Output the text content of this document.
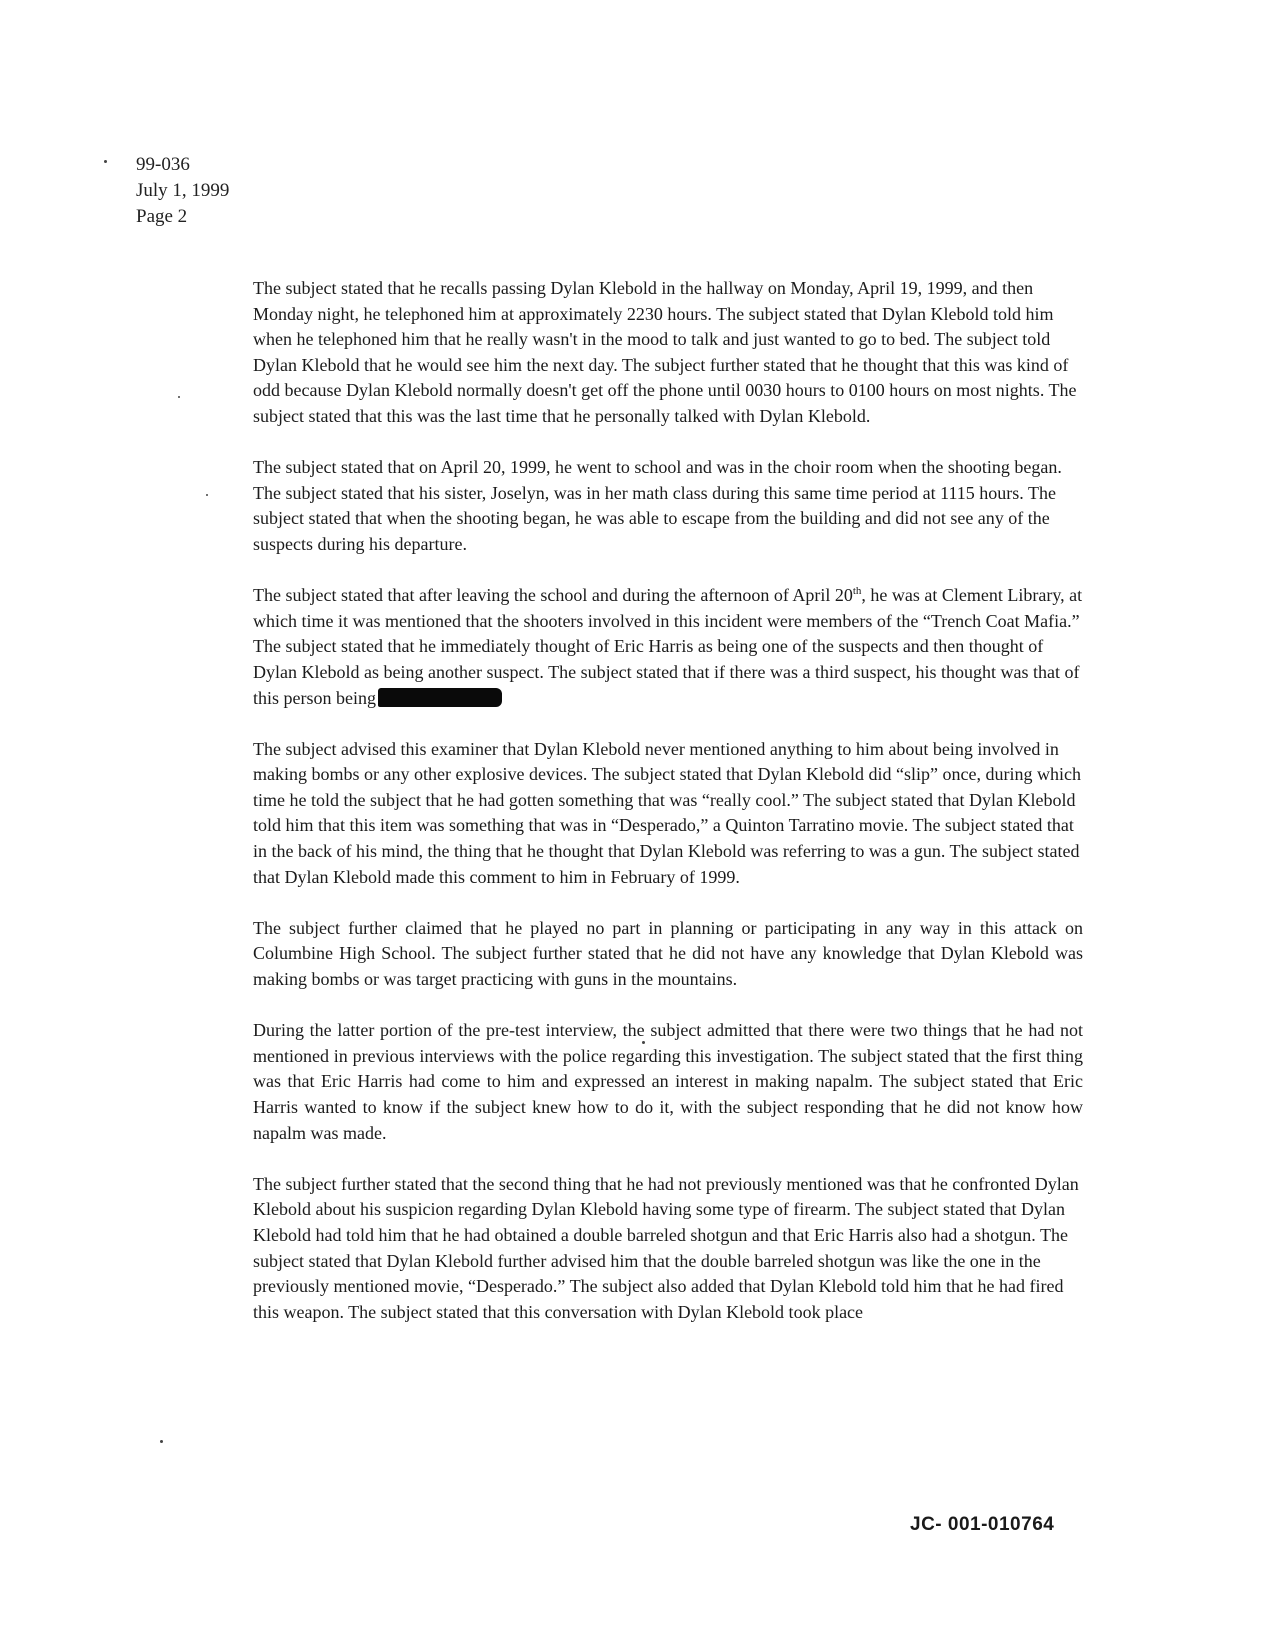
99-036
July 1, 1999
Page 2

The subject stated that he recalls passing Dylan Klebold in the hallway on Monday, April 19, 1999, and then Monday night, he telephoned him at approximately 2230 hours. The subject stated that Dylan Klebold told him when he telephoned him that he really wasn't in the mood to talk and just wanted to go to bed. The subject told Dylan Klebold that he would see him the next day. The subject further stated that he thought that this was kind of odd because Dylan Klebold normally doesn't get off the phone until 0030 hours to 0100 hours on most nights. The subject stated that this was the last time that he personally talked with Dylan Klebold.

The subject stated that on April 20, 1999, he went to school and was in the choir room when the shooting began. The subject stated that his sister, Joselyn, was in her math class during this same time period at 1115 hours. The subject stated that when the shooting began, he was able to escape from the building and did not see any of the suspects during his departure.

The subject stated that after leaving the school and during the afternoon of April 20th, he was at Clement Library, at which time it was mentioned that the shooters involved in this incident were members of the “Trench Coat Mafia.” The subject stated that he immediately thought of Eric Harris as being one of the suspects and then thought of Dylan Klebold as being another suspect. The subject stated that if there was a third suspect, his thought was that of this person being

The subject advised this examiner that Dylan Klebold never mentioned anything to him about being involved in making bombs or any other explosive devices. The subject stated that Dylan Klebold did “slip” once, during which time he told the subject that he had gotten something that was “really cool.” The subject stated that Dylan Klebold told him that this item was something that was in “Desperado,” a Quinton Tarratino movie. The subject stated that in the back of his mind, the thing that he thought that Dylan Klebold was referring to was a gun. The subject stated that Dylan Klebold made this comment to him in February of 1999.

The subject further claimed that he played no part in planning or participating in any way in this attack on Columbine High School. The subject further stated that he did not have any knowledge that Dylan Klebold was making bombs or was target practicing with guns in the mountains.

During the latter portion of the pre-test interview, the subject admitted that there were two things that he had not mentioned in previous interviews with the police regarding this investigation. The subject stated that the first thing was that Eric Harris had come to him and expressed an interest in making napalm. The subject stated that Eric Harris wanted to know if the subject knew how to do it, with the subject responding that he did not know how napalm was made.

The subject further stated that the second thing that he had not previously mentioned was that he confronted Dylan Klebold about his suspicion regarding Dylan Klebold having some type of firearm. The subject stated that Dylan Klebold had told him that he had obtained a double barreled shotgun and that Eric Harris also had a shotgun. The subject stated that Dylan Klebold further advised him that the double barreled shotgun was like the one in the previously mentioned movie, “Desperado.” The subject also added that Dylan Klebold told him that he had fired this weapon. The subject stated that this conversation with Dylan Klebold took place

JC- 001-010764
